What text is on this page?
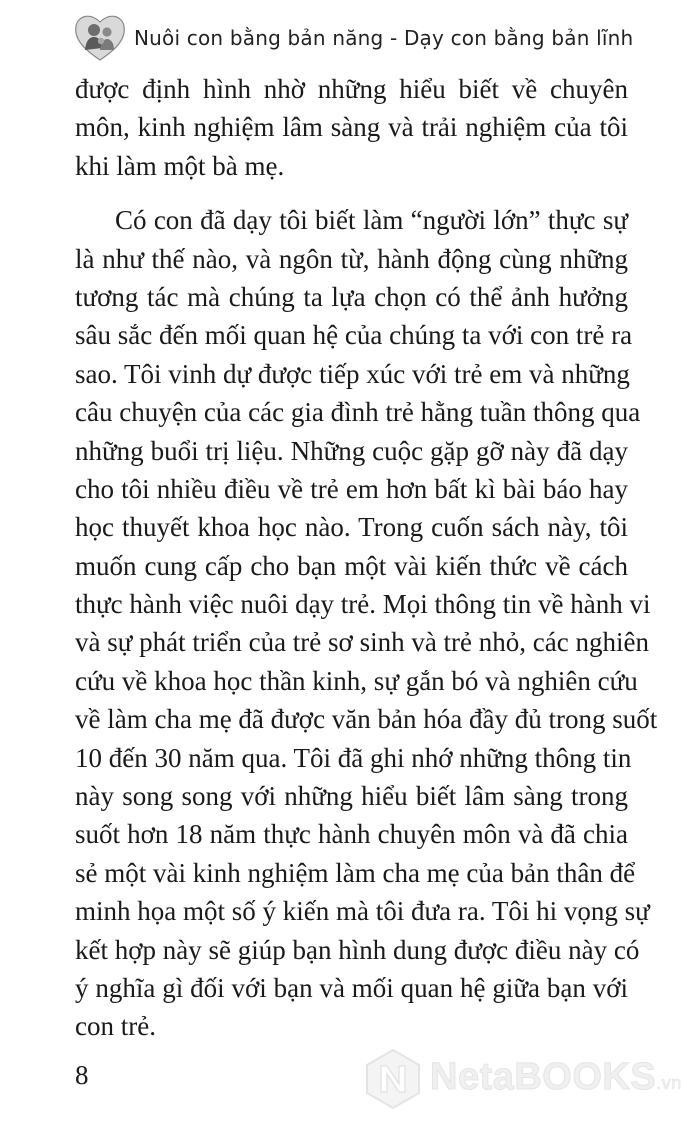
Nuôi con bằng bản năng - Dạy con bằng bản lĩnh
được định hình nhờ những hiểu biết về chuyên
môn, kinh nghiệm lâm sàng và trải nghiệm của tôi
khi làm một bà mẹ.
Có con đã dạy tôi biết làm “người lớn” thực sự
là như thế nào, và ngôn từ, hành động cùng những
tương tác mà chúng ta lựa chọn có thể ảnh hưởng
sâu sắc đến mối quan hệ của chúng ta với con trẻ ra
sao. Tôi vinh dự được tiếp xúc với trẻ em và những
câu chuyện của các gia đình trẻ hằng tuần thông qua
những buổi trị liệu. Những cuộc gặp gỡ này đã dạy
cho tôi nhiều điều về trẻ em hơn bất kì bài báo hay
học thuyết khoa học nào. Trong cuốn sách này, tôi
muốn cung cấp cho bạn một vài kiến thức về cách
thực hành việc nuôi dạy trẻ. Mọi thông tin về hành vi
và sự phát triển của trẻ sơ sinh và trẻ nhỏ, các nghiên
cứu về khoa học thần kinh, sự gắn bó và nghiên cứu
về làm cha mẹ đã được văn bản hóa đầy đủ trong suốt
10 đến 30 năm qua. Tôi đã ghi nhớ những thông tin
này song song với những hiểu biết lâm sàng trong
suốt hơn 18 năm thực hành chuyên môn và đã chia
sẻ một vài kinh nghiệm làm cha mẹ của bản thân để
minh họa một số ý kiến mà tôi đưa ra. Tôi hi vọng sự
kết hợp này sẽ giúp bạn hình dung được điều này có
ý nghĩa gì đối với bạn và mối quan hệ giữa bạn với
con trẻ.
8	NetaBOOKS.vn
